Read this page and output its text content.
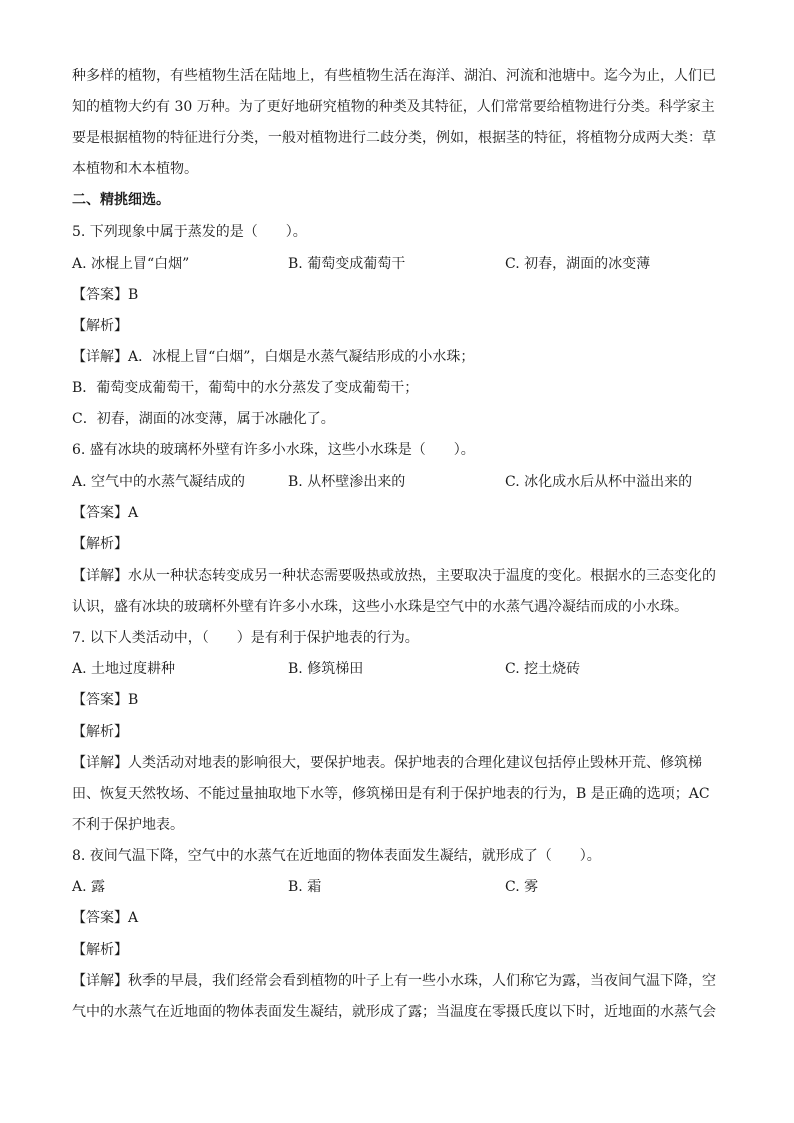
种多样的植物，有些植物生活在陆地上，有些植物生活在海洋、湖泊、河流和池塘中。迄今为止，人们已
知的植物大约有 30 万种。为了更好地研究植物的种类及其特征，人们常常要给植物进行分类。科学家主
要是根据植物的特征进行分类，一般对植物进行二歧分类，例如，根据茎的特征，将植物分成两大类：草
本植物和木本植物。
二、精挑细选。
5. 下列现象中属于蒸发的是（　　）。
A. 冰棍上冒“白烟”	B. 葡萄变成葡萄干	C. 初春，湖面的冰变薄
【答案】B
【解析】
【详解】A．冰棍上冒“白烟”，白烟是水蒸气凝结形成的小水珠；
B．葡萄变成葡萄干，葡萄中的水分蒸发了变成葡萄干；
C．初春，湖面的冰变薄，属于冰融化了。
6. 盛有冰块的玻璃杯外壁有许多小水珠，这些小水珠是（　　）。
A. 空气中的水蒸气凝结成的	B. 从杯壁渗出来的	C. 冰化成水后从杯中溢出来的
【答案】A
【解析】
【详解】水从一种状态转变成另一种状态需要吸热或放热，主要取决于温度的变化。根据水的三态变化的
认识，盛有冰块的玻璃杯外壁有许多小水珠，这些小水珠是空气中的水蒸气遇冷凝结而成的小水珠。
7. 以下人类活动中，（　　）是有利于保护地表的行为。
A. 土地过度耕种	B. 修筑梯田	C. 挖土烧砖
【答案】B
【解析】
【详解】人类活动对地表的影响很大，要保护地表。保护地表的合理化建议包括停止毁林开荒、修筑梯
田、恢复天然牧场、不能过量抽取地下水等，修筑梯田是有利于保护地表的行为，B 是正确的选项；AC
不利于保护地表。
8. 夜间气温下降，空气中的水蒸气在近地面的物体表面发生凝结，就形成了（　　）。
A. 露	B. 霜	C. 雾
【答案】A
【解析】
【详解】秋季的早晨，我们经常会看到植物的叶子上有一些小水珠，人们称它为露，当夜间气温下降，空
气中的水蒸气在近地面的物体表面发生凝结，就形成了露；当温度在零摄氏度以下时，近地面的水蒸气会
